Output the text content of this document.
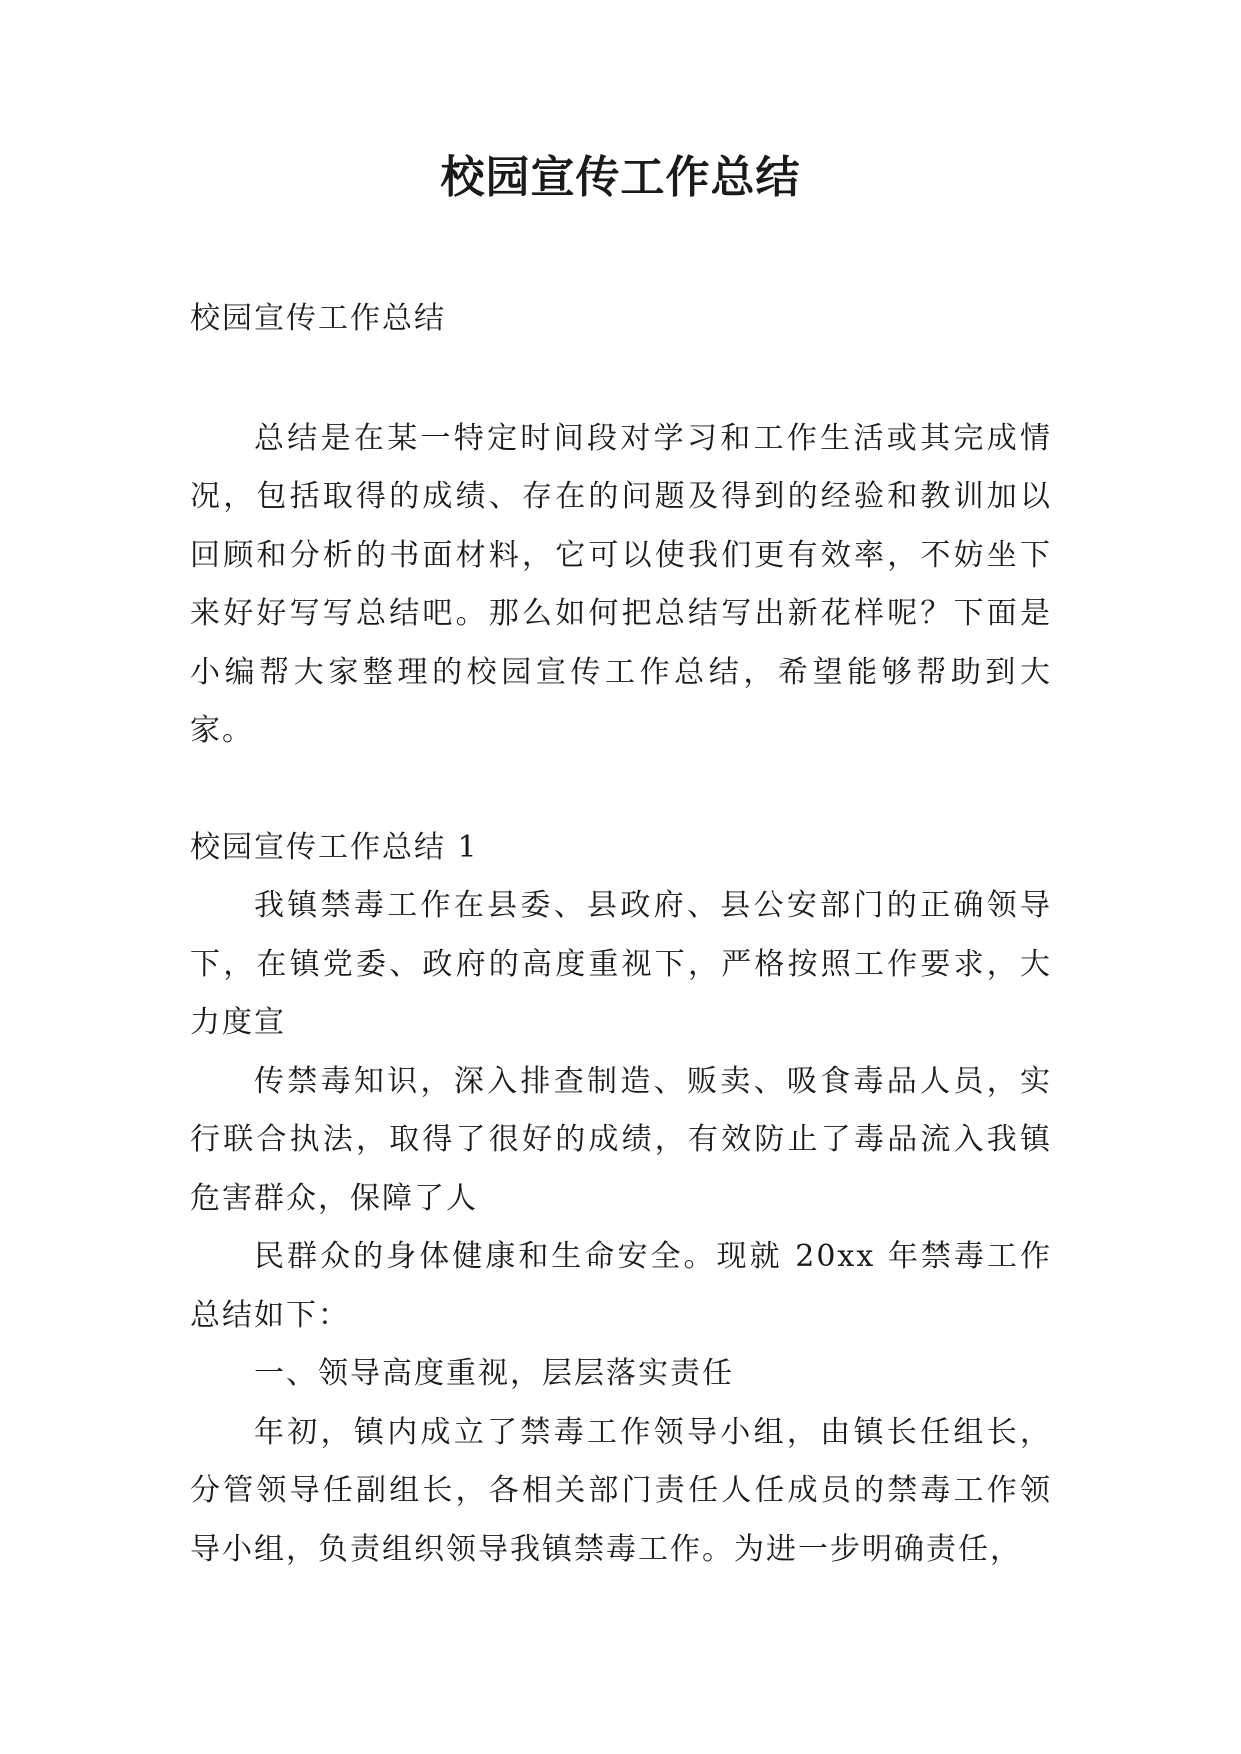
校园宣传工作总结

校园宣传工作总结

总结是在某一特定时间段对学习和工作生活或其完成情况，包括取得的成绩、存在的问题及得到的经验和教训加以回顾和分析的书面材料，它可以使我们更有效率，不妨坐下来好好写写总结吧。那么如何把总结写出新花样呢？下面是小编帮大家整理的校园宣传工作总结，希望能够帮助到大家。

校园宣传工作总结 1

我镇禁毒工作在县委、县政府、县公安部门的正确领导下，在镇党委、政府的高度重视下，严格按照工作要求，大力度宣

传禁毒知识，深入排查制造、贩卖、吸食毒品人员，实行联合执法，取得了很好的成绩，有效防止了毒品流入我镇危害群众，保障了人

民群众的身体健康和生命安全。现就 20xx 年禁毒工作总结如下：

一、领导高度重视，层层落实责任

年初，镇内成立了禁毒工作领导小组，由镇长任组长，分管领导任副组长，各相关部门责任人任成员的禁毒工作领导小组，负责组织领导我镇禁毒工作。为进一步明确责任，
